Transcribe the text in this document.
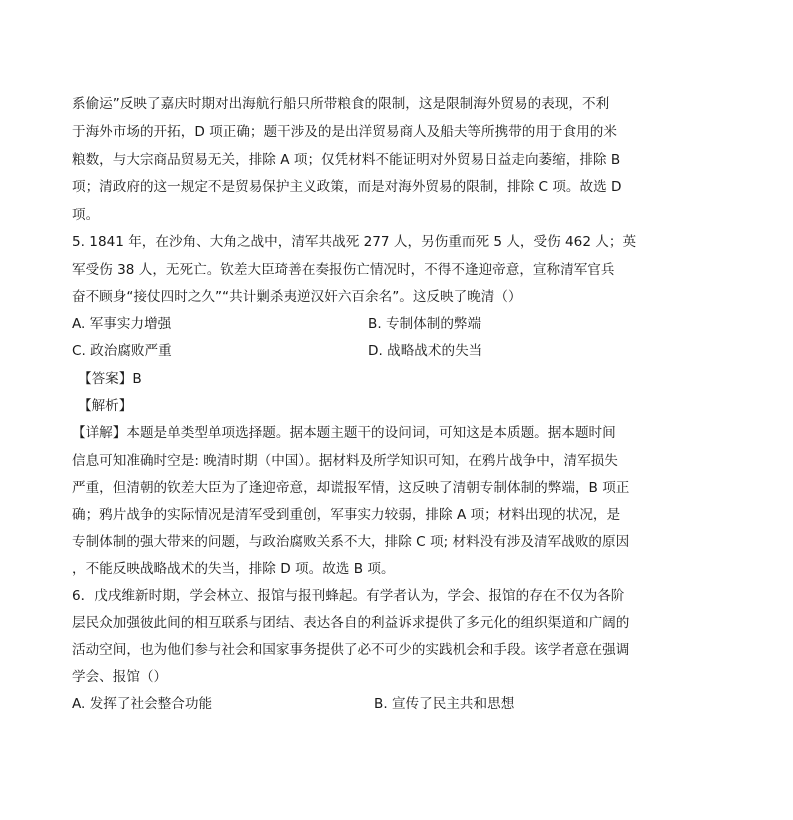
系偷运”反映了嘉庆时期对出海航行船只所带粮食的限制，这是限制海外贸易的表现，不利
于海外市场的开拓，D 项正确；题干涉及的是出洋贸易商人及船夫等所携带的用于食用的米
粮数，与大宗商品贸易无关，排除 A 项；仅凭材料不能证明对外贸易日益走向萎缩，排除 B
项；清政府的这一规定不是贸易保护主义政策，而是对海外贸易的限制，排除 C 项。故选 D
项。
5. 1841 年，在沙角、大角之战中，清军共战死 277 人，另伤重而死 5 人，受伤 462 人；英
军受伤 38 人，无死亡。钦差大臣琦善在奏报伤亡情况时，不得不逢迎帝意，宣称清军官兵
奋不顾身“接仗四时之久”“共计剿杀夷逆汉奸六百余名”。这反映了晚清（）
A. 军事实力增强	B. 专制体制的弊端
C. 政治腐败严重	D. 战略战术的失当
【答案】B
【解析】
【详解】本题是单类型单项选择题。据本题主题干的设问词，可知这是本质题。据本题时间
信息可知准确时空是: 晚清时期（中国）。据材料及所学知识可知，在鸦片战争中，清军损失
严重，但清朝的钦差大臣为了逢迎帝意，却谎报军情，这反映了清朝专制体制的弊端，B 项正
确；鸦片战争的实际情况是清军受到重创，军事实力较弱，排除 A 项；材料出现的状况，是
专制体制的强大带来的问题，与政治腐败关系不大，排除 C 项; 材料没有涉及清军战败的原因
，不能反映战略战术的失当，排除 D 项。故选 B 项。
6．戊戌维新时期，学会林立、报馆与报刊蜂起。有学者认为，学会、报馆的存在不仅为各阶
层民众加强彼此间的相互联系与团结、表达各自的利益诉求提供了多元化的组织渠道和广阔的
活动空间，也为他们参与社会和国家事务提供了必不可少的实践机会和手段。该学者意在强调
学会、报馆（）
A. 发挥了社会整合功能	B. 宣传了民主共和思想
